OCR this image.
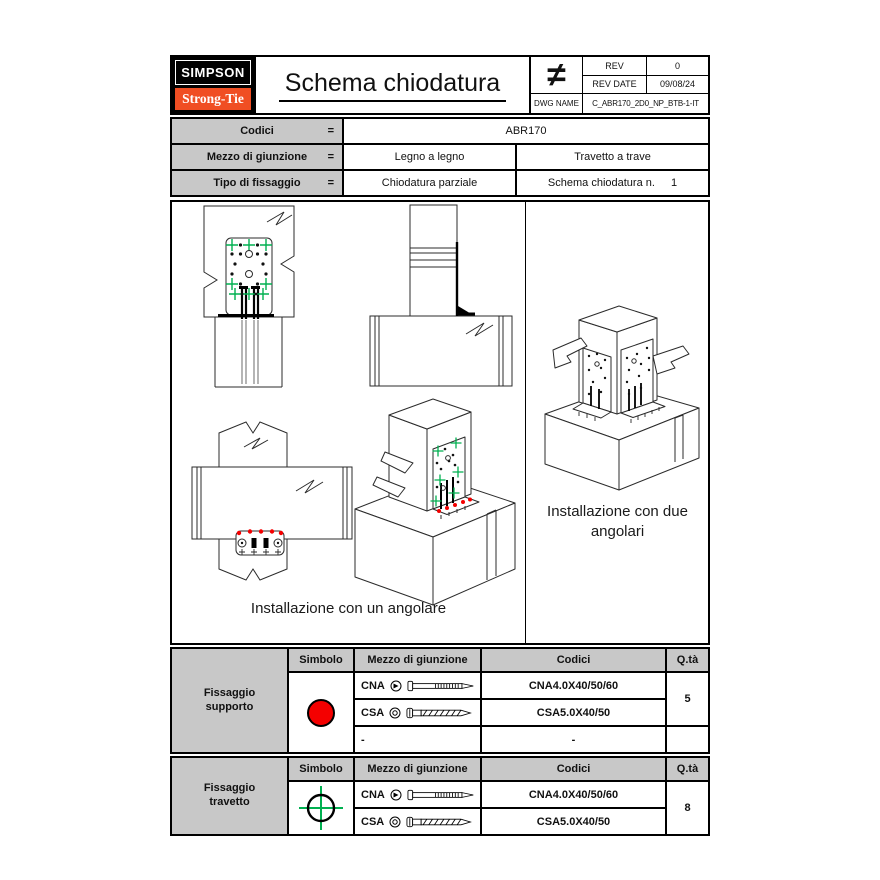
SIMPSON
Strong-Tie
®
Schema chiodatura	≠	REV	0
REV DATE	09/08/24
DWG NAME	C_ABR170_2D0_NP_BTB-1-IT
Codici	=	ABR170
Mezzo di giunzione =	Legno a legno	Travetto a trave
Tipo di fissaggio =	Chiodatura parziale	Schema chiodatura n. 1
Installazione con un angolare
Installazione con due
angolari
Fissaggio
supporto
Simbolo	Mezzo di giunzione	Codici	Q.tà
CNA	CNA4.0X40/50/60
5
CSA	CSA5.0X40/50
-	-
Fissaggio
travetto
Simbolo	Mezzo di giunzione	Codici	Q.tà
CNA	CNA4.0X40/50/60
8
CSA	CSA5.0X40/50
